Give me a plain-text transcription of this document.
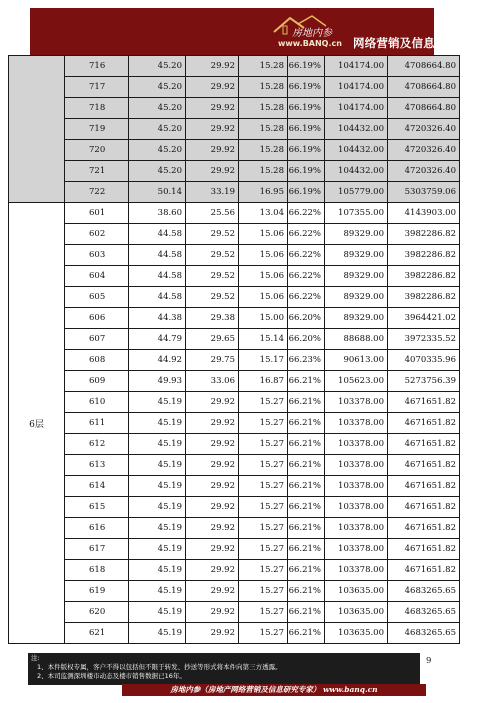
房地内参
www.BANQ.cn 网络营销及信息研究专家
	716	45.20	29.92	15.28	66.19%	104174.00	4708664.80
	717	45.20	29.92	15.28	66.19%	104174.00	4708664.80
	718	45.20	29.92	15.28	66.19%	104174.00	4708664.80
	719	45.20	29.92	15.28	66.19%	104432.00	4720326.40
	720	45.20	29.92	15.28	66.19%	104432.00	4720326.40
	721	45.20	29.92	15.28	66.19%	104432.00	4720326.40
	722	50.14	33.19	16.95	66.19%	105779.00	5303759.06
6层	601	38.60	25.56	13.04	66.22%	107355.00	4143903.00
	602	44.58	29.52	15.06	66.22%	89329.00	3982286.82
	603	44.58	29.52	15.06	66.22%	89329.00	3982286.82
	604	44.58	29.52	15.06	66.22%	89329.00	3982286.82
	605	44.58	29.52	15.06	66.22%	89329.00	3982286.82
	606	44.38	29.38	15.00	66.20%	89329.00	3964421.02
	607	44.79	29.65	15.14	66.20%	88688.00	3972335.52
	608	44.92	29.75	15.17	66.23%	90613.00	4070335.96
	609	49.93	33.06	16.87	66.21%	105623.00	5273756.39
	610	45.19	29.92	15.27	66.21%	103378.00	4671651.82
	611	45.19	29.92	15.27	66.21%	103378.00	4671651.82
	612	45.19	29.92	15.27	66.21%	103378.00	4671651.82
	613	45.19	29.92	15.27	66.21%	103378.00	4671651.82
	614	45.19	29.92	15.27	66.21%	103378.00	4671651.82
	615	45.19	29.92	15.27	66.21%	103378.00	4671651.82
	616	45.19	29.92	15.27	66.21%	103378.00	4671651.82
	617	45.19	29.92	15.27	66.21%	103378.00	4671651.82
	618	45.19	29.92	15.27	66.21%	103378.00	4671651.82
	619	45.19	29.92	15.27	66.21%	103635.00	4683265.65
	620	45.19	29.92	15.27	66.21%	103635.00	4683265.65
	621	45.19	29.92	15.27	66.21%	103635.00	4683265.65
注:
1、本件版权专属，客户不得以包括但不限于转发、抄送等形式将本件向第三方透露。
2、本司监测深圳楼市动态及楼市销售数据已16年。
9
房地内参（房地产网络营销及信息研究专家） www.banq.cn
